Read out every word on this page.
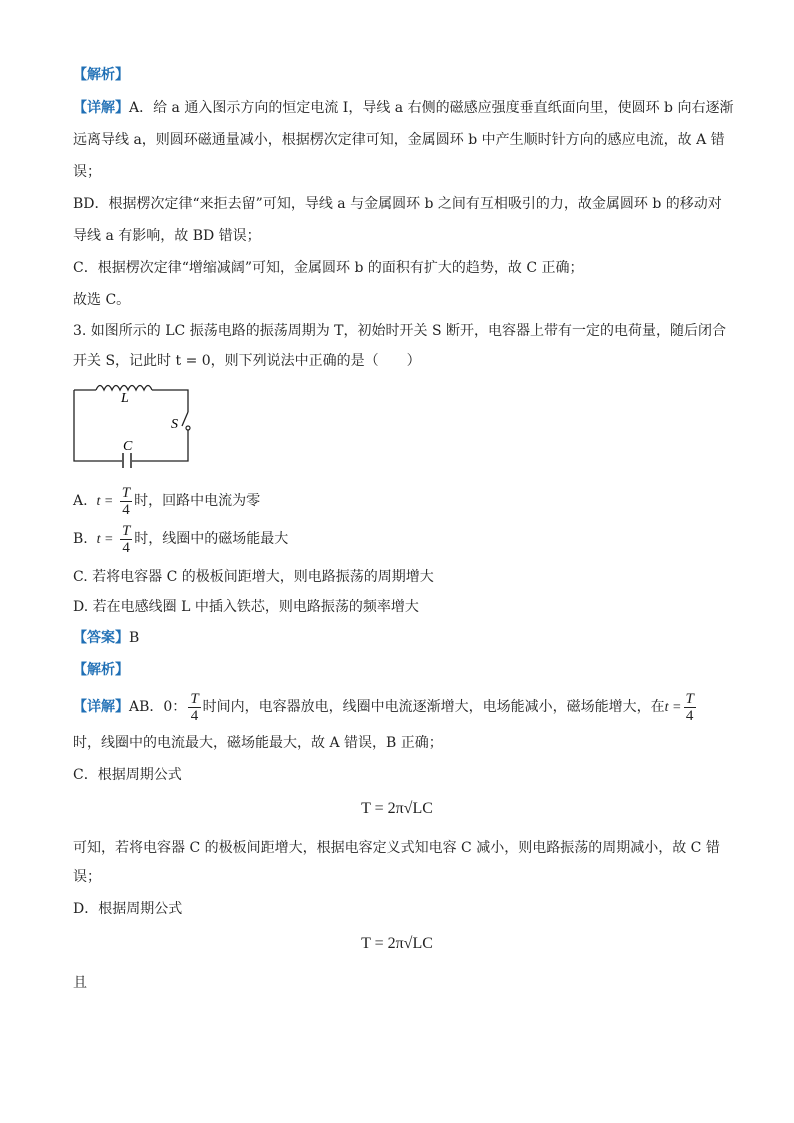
【解析】
【详解】A．给 a 通入图示方向的恒定电流 I，导线 a 右侧的磁感应强度垂直纸面向里，使圆环 b 向右逐渐
远离导线 a，则圆环磁通量减小，根据楞次定律可知，金属圆环 b 中产生顺时针方向的感应电流，故 A 错
误；
BD．根据楞次定律“来拒去留”可知，导线 a 与金属圆环 b 之间有互相吸引的力，故金属圆环 b 的移动对
导线 a 有影响，故 BD 错误；
C．根据楞次定律“增缩减阔”可知，金属圆环 b 的面积有扩大的趋势，故 C 正确；
故选 C。
3. 如图所示的 LC 振荡电路的振荡周期为 T，初始时开关 S 断开，电容器上带有一定的电荷量，随后闭合
开关 S，记此时 t = 0，则下列说法中正确的是（　　）
L
C
S
A. $t = \frac{T}{4}$ 时，回路中电流为零
B. $t = \frac{T}{4}$ 时，线圈中的磁场能最大
C. 若将电容器 C 的极板间距增大，则电路振荡的周期增大
D. 若在电感线圈 L 中插入铁芯，则电路振荡的频率增大
【答案】B
【解析】
【详解】AB．0： $\frac{T}{4}$ 时间内，电容器放电，线圈中电流逐渐增大，电场能减小，磁场能增大，在$t = \frac{T}{4}$
时，线圈中的电流最大，磁场能最大，故 A 错误，B 正确；
C．根据周期公式
T = 2π√LC
可知，若将电容器 C 的极板间距增大，根据电容定义式知电容 C 减小，则电路振荡的周期减小，故 C 错
误；
D．根据周期公式
T = 2π√LC
且
